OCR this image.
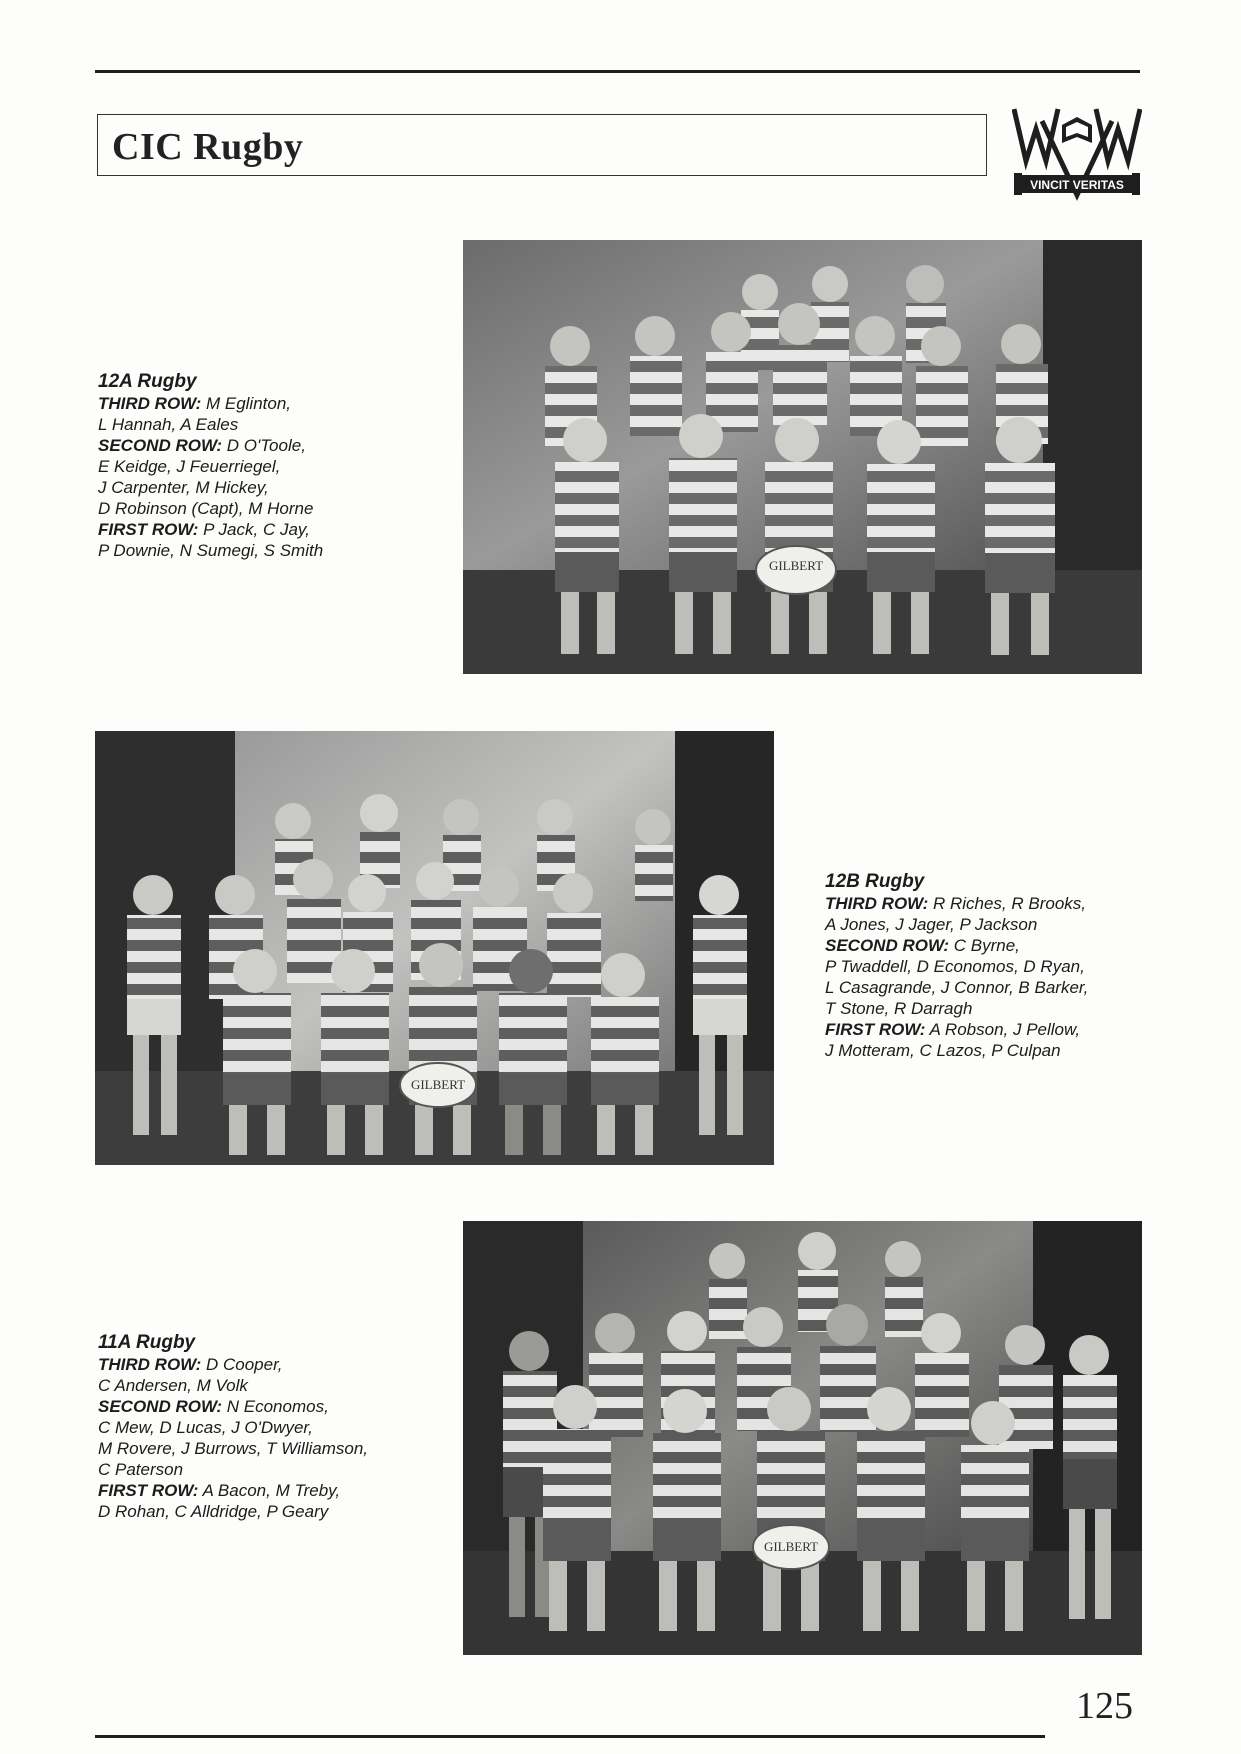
CIC Rugby
VINCIT VERITAS
GILBERT
12A Rugby
THIRD ROW: M Eglinton,
L Hannah, A Eales
SECOND ROW: D O'Toole,
E Keidge, J Feuerriegel,
J Carpenter, M Hickey,
D Robinson (Capt), M Horne
FIRST ROW: P Jack, C Jay,
P Downie, N Sumegi, S Smith
GILBERT
12B Rugby
THIRD ROW: R Riches, R Brooks,
A Jones, J Jager, P Jackson
SECOND ROW: C Byrne,
P Twaddell, D Economos, D Ryan,
L Casagrande, J Connor, B Barker,
T Stone, R Darragh
FIRST ROW: A Robson, J Pellow,
J Motteram, C Lazos, P Culpan
GILBERT
11A Rugby
THIRD ROW: D Cooper,
C Andersen, M Volk
SECOND ROW: N Economos,
C Mew, D Lucas, J O'Dwyer,
M Rovere, J Burrows, T Williamson,
C Paterson
FIRST ROW: A Bacon, M Treby,
D Rohan, C Alldridge, P Geary
125
